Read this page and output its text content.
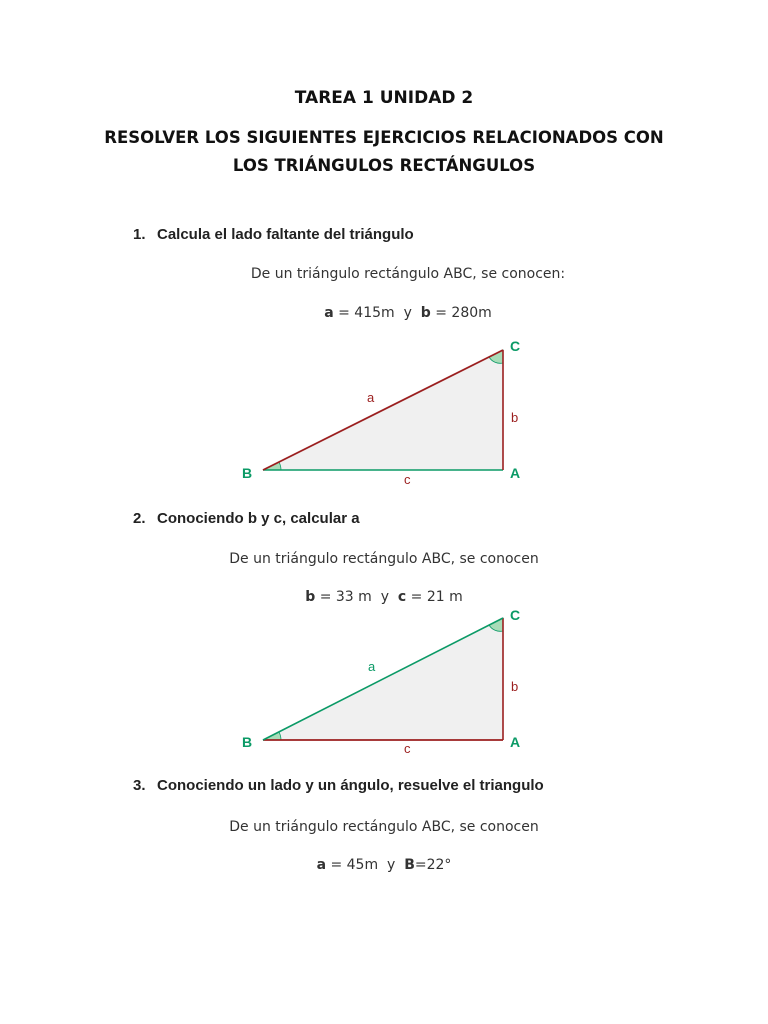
TAREA 1 UNIDAD 2
RESOLVER LOS SIGUIENTES EJERCICIOS RELACIONADOS CON
LOS TRIÁNGULOS RECTÁNGULOS
1. Calcula el lado faltante del triángulo
De un triángulo rectángulo ABC, se conocen:
a = 415m y b = 280m
C
B	A
a
b
c
2. Conociendo b y c, calcular a
De un triángulo rectángulo ABC, se conocen
b = 33 m y c = 21 m
C
B	A
a
b
c
3. Conociendo un lado y un ángulo, resuelve el triangulo
De un triángulo rectángulo ABC, se conocen
a = 45m y B=22°
